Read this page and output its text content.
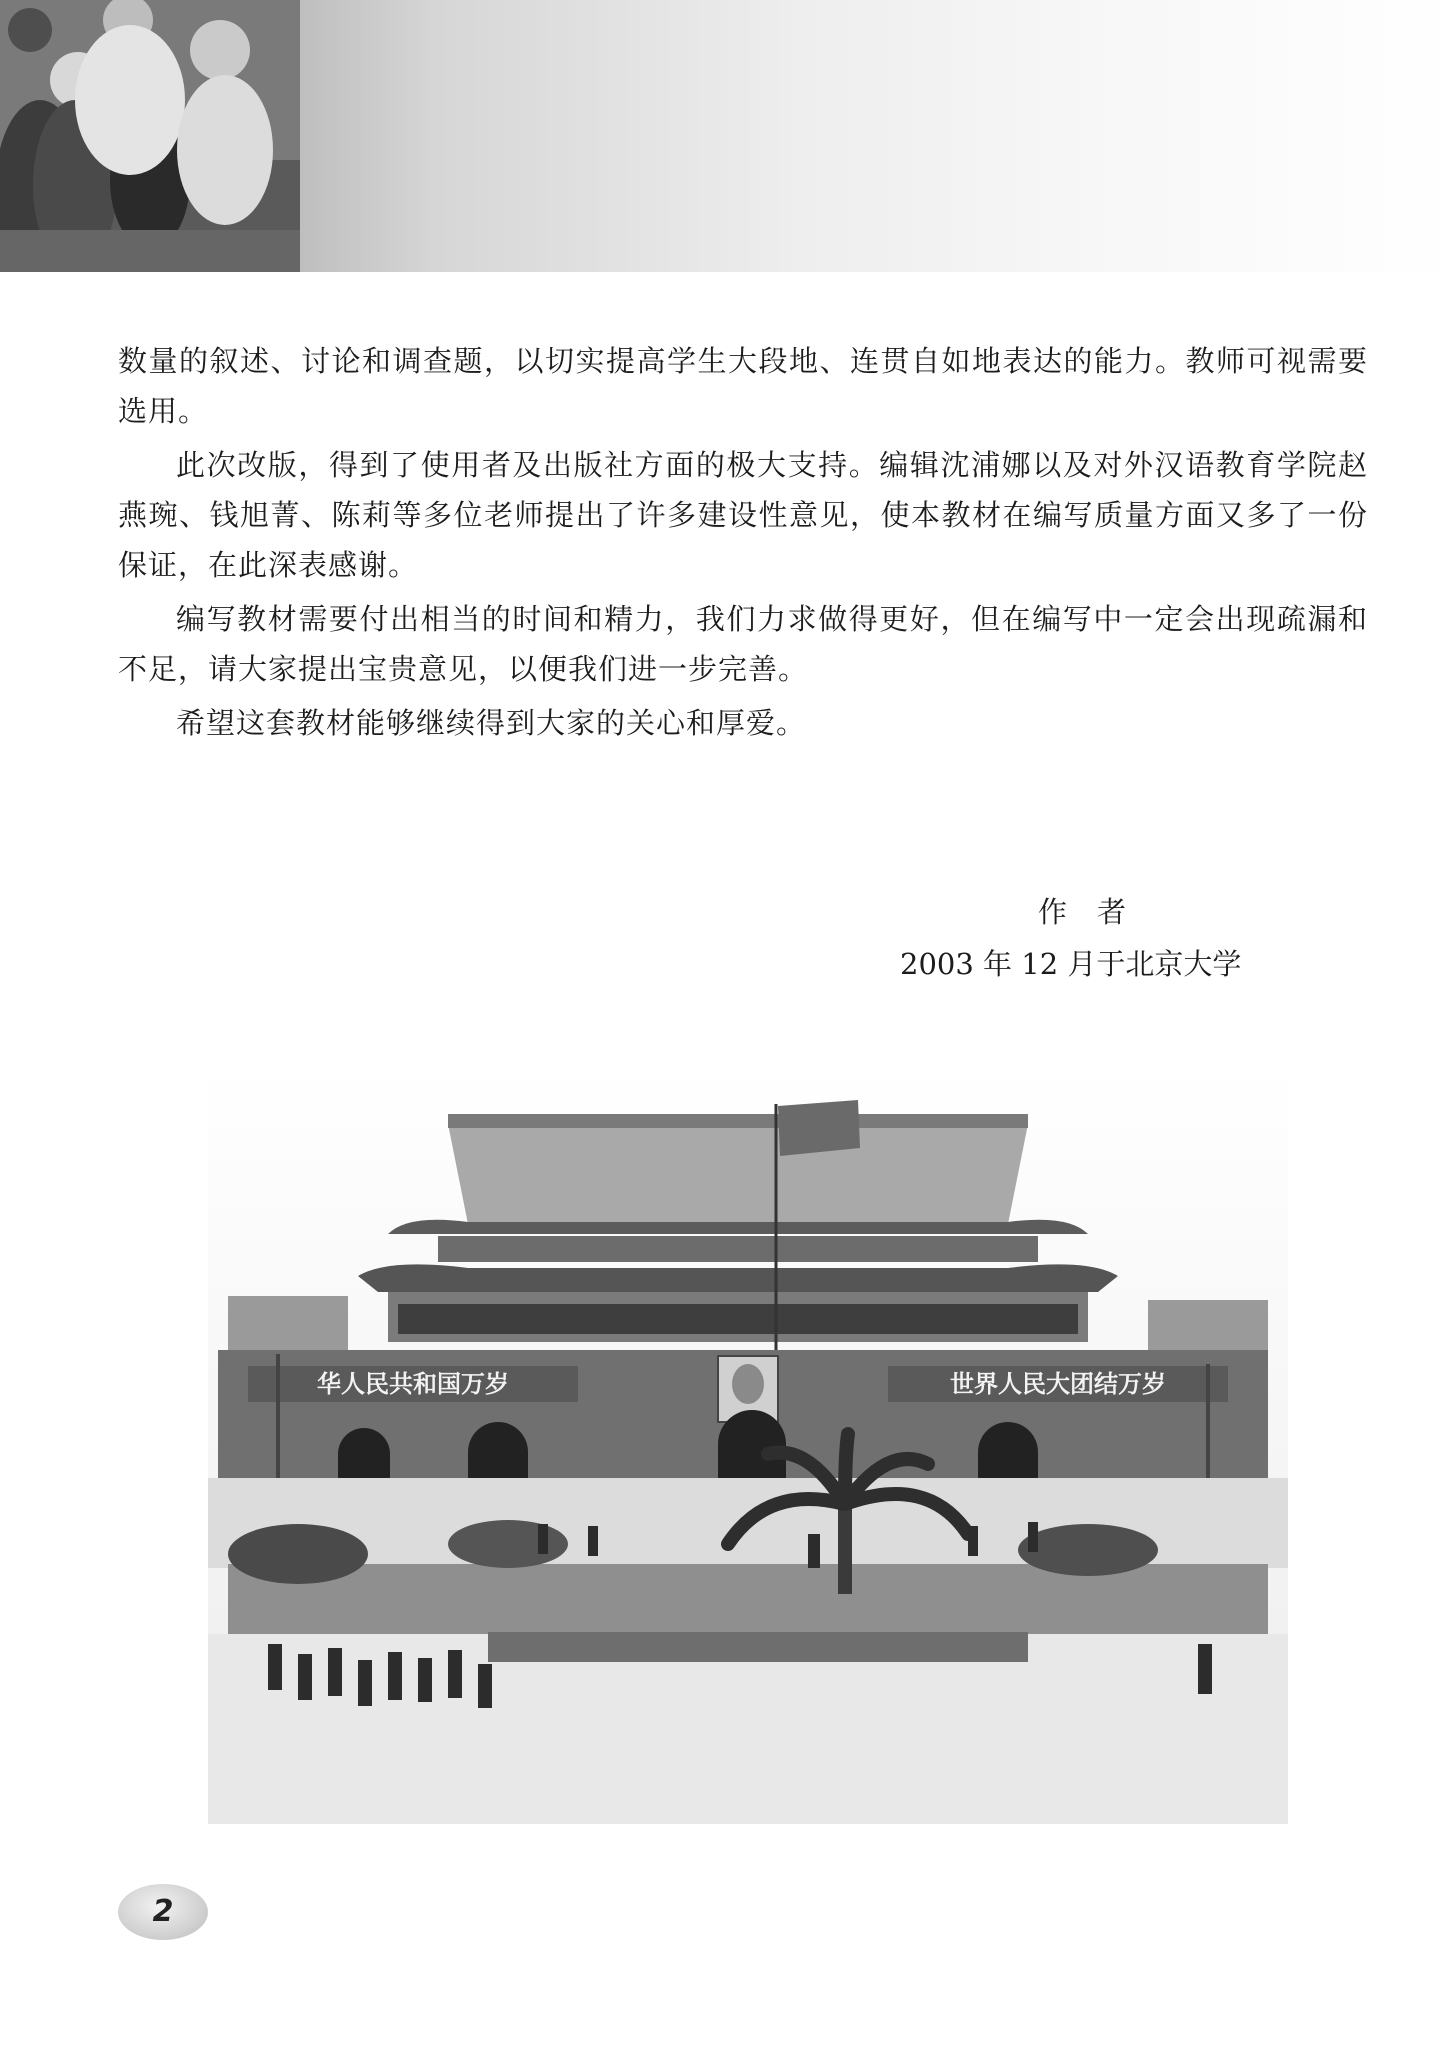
数量的叙述、讨论和调查题，以切实提高学生大段地、连贯自如地表达的能力。教师可视需要选用。

此次改版，得到了使用者及出版社方面的极大支持。编辑沈浦娜以及对外汉语教育学院赵燕琬、钱旭菁、陈莉等多位老师提出了许多建设性意见，使本教材在编写质量方面又多了一份保证，在此深表感谢。

编写教材需要付出相当的时间和精力，我们力求做得更好，但在编写中一定会出现疏漏和不足，请大家提出宝贵意见，以便我们进一步完善。

希望这套教材能够继续得到大家的关心和厚爱。

作者
2003 年 12 月于北京大学
华人民共和国万岁	世界人民大团结万岁
2
